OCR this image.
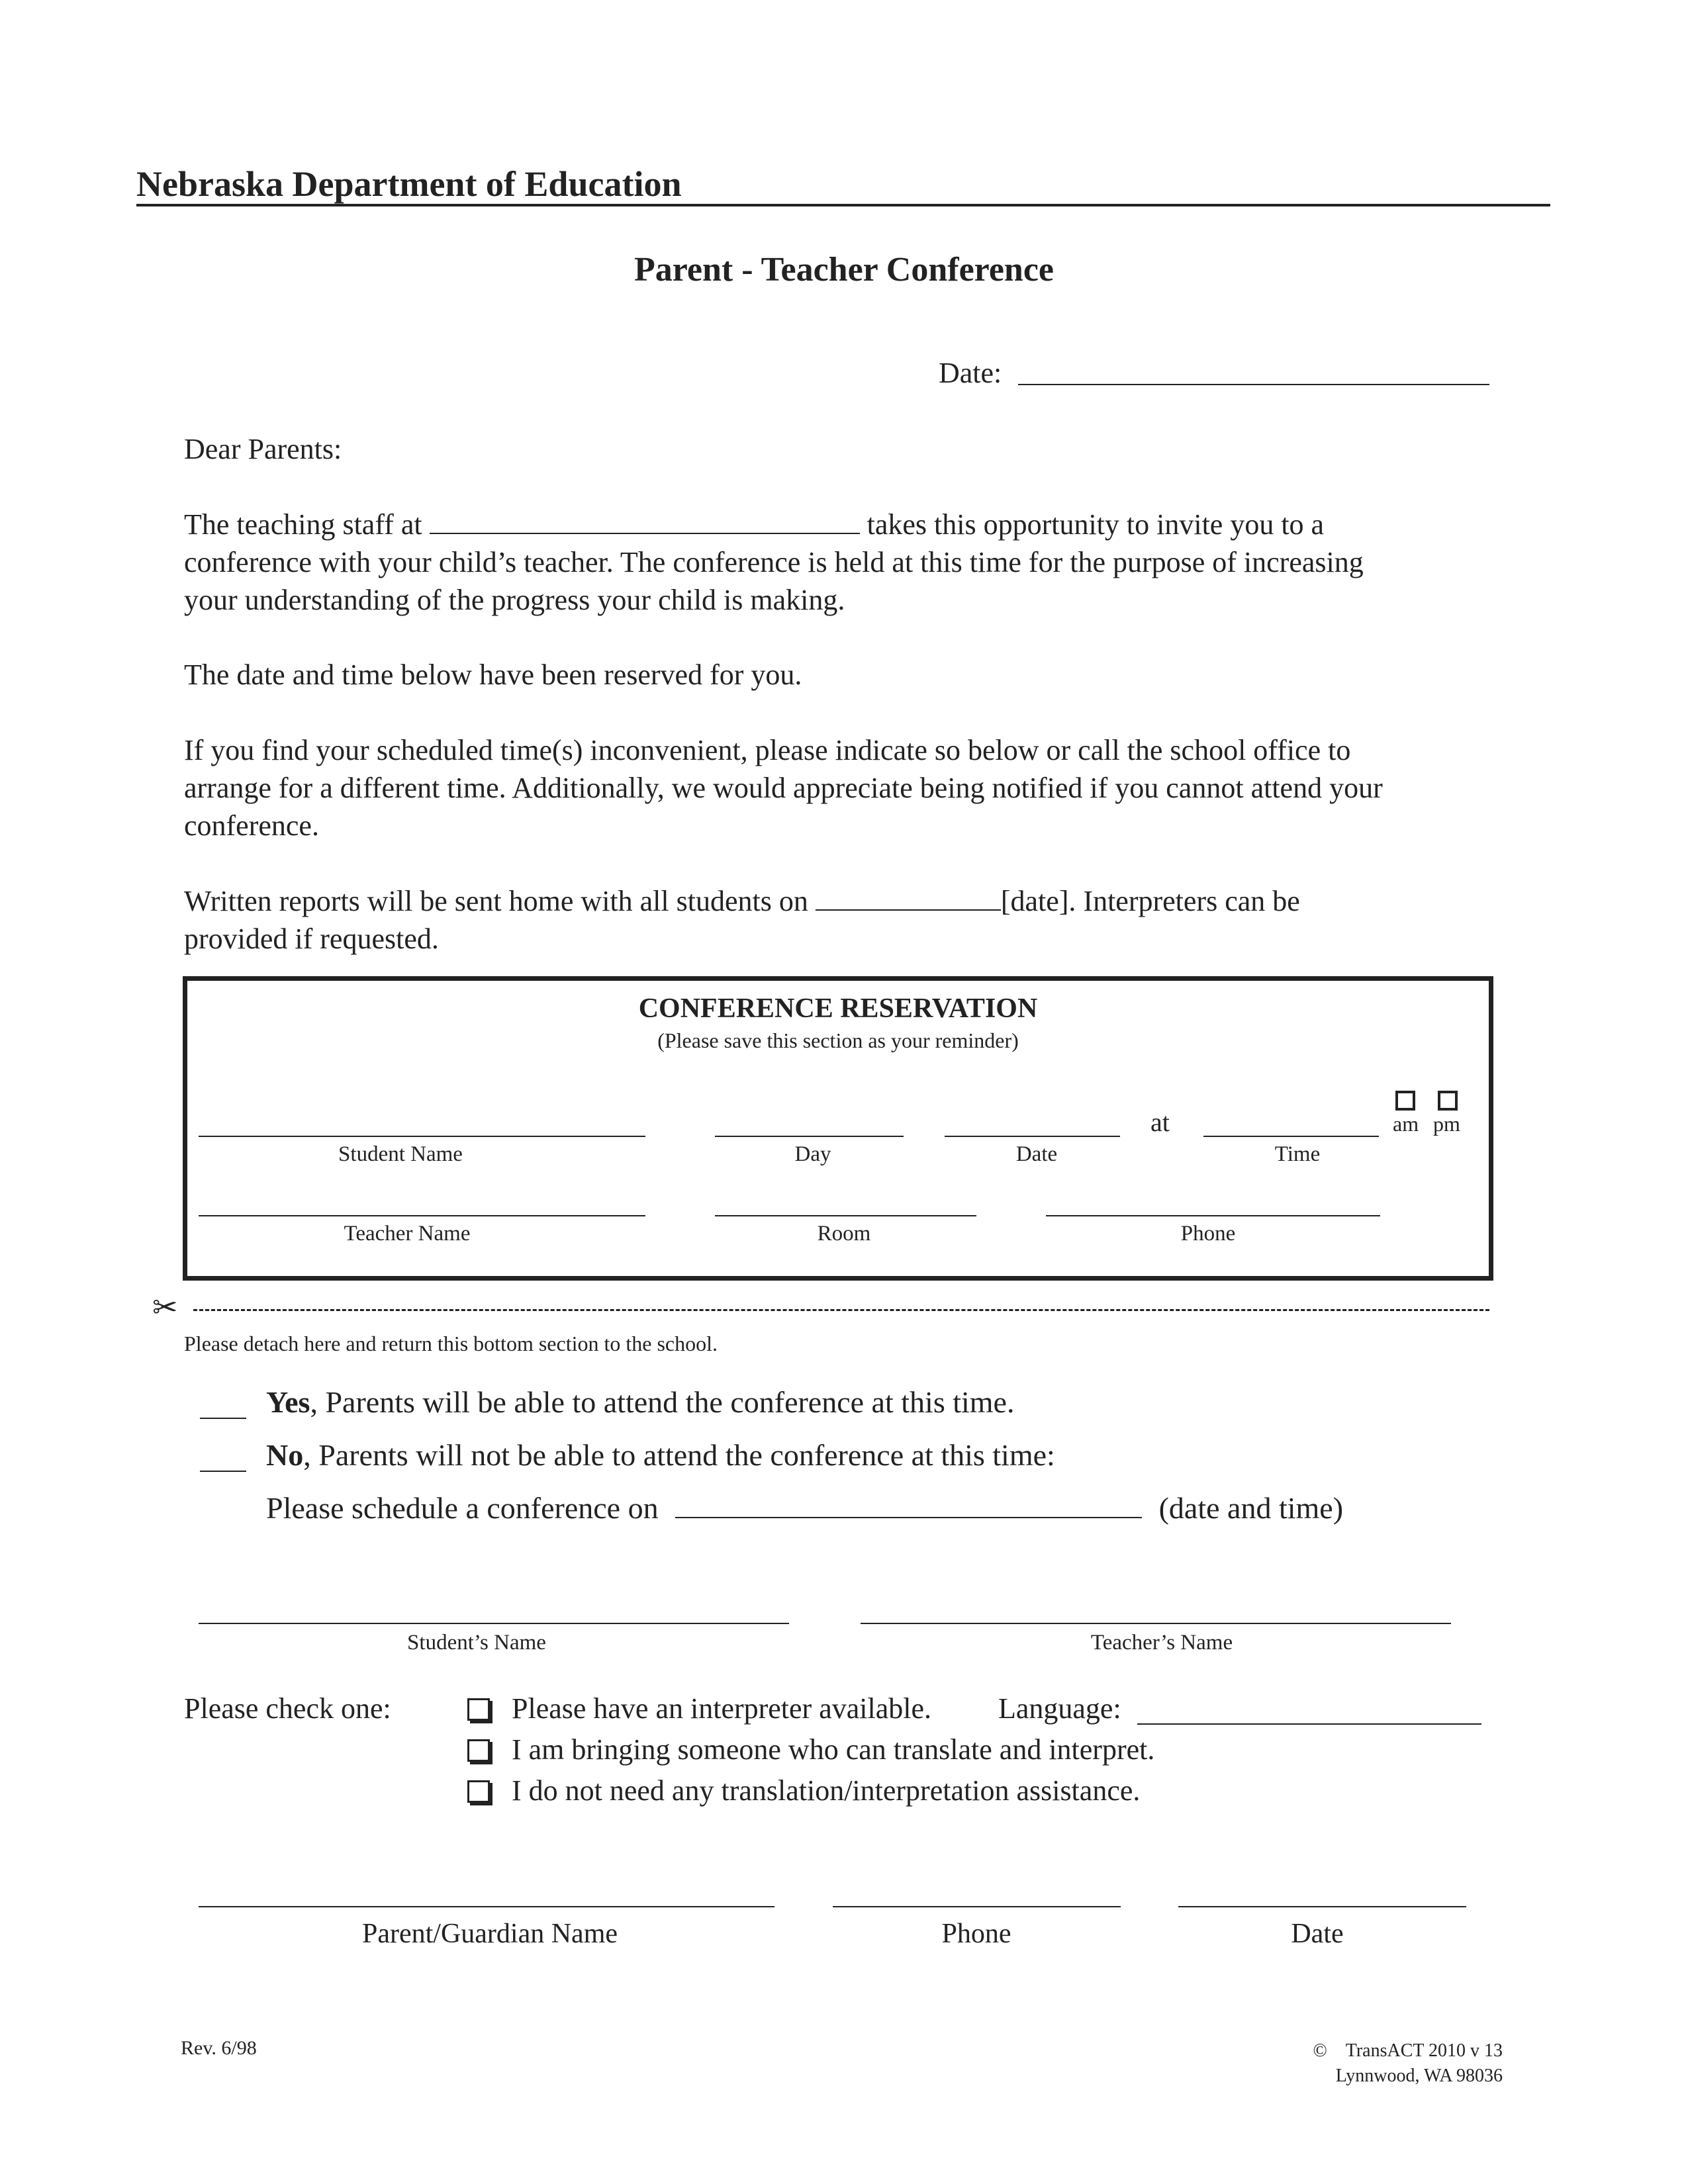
Nebraska Department of Education
Parent - Teacher Conference
Date:
Dear Parents:

The teaching staff at	takes this opportunity to invite you to a

conference with your child’s teacher. The conference is held at this time for the purpose of increasing

your understanding of the progress your child is making.

The date and time below have been reserved for you.

If you find your scheduled time(s) inconvenient, please indicate so below or call the school office to

arrange for a different time. Additionally, we would appreciate being notified if you cannot attend your

conference.

Written reports will be sent home with all students on	[date]. Interpreters can be

provided if requested.

CONFERENCE RESERVATION
(Please save this section as your reminder)
at	am pm
Student Name	Day	Date	Time
Teacher Name	Room	Phone
✂
Please detach here and return this bottom section to the school.
Yes, Parents will be able to attend the conference at this time.
No, Parents will not be able to attend the conference at this time:
Please schedule a conference on	(date and time)
Student’s Name	Teacher’s Name
Please check one:	Please have an interpreter available. Language:
I am bringing someone who can translate and interpret.
I do not need any translation/interpretation assistance.
Parent/Guardian Name	Phone	Date
Rev. 6/98	© TransACT 2010 v 13
Lynnwood, WA 98036
